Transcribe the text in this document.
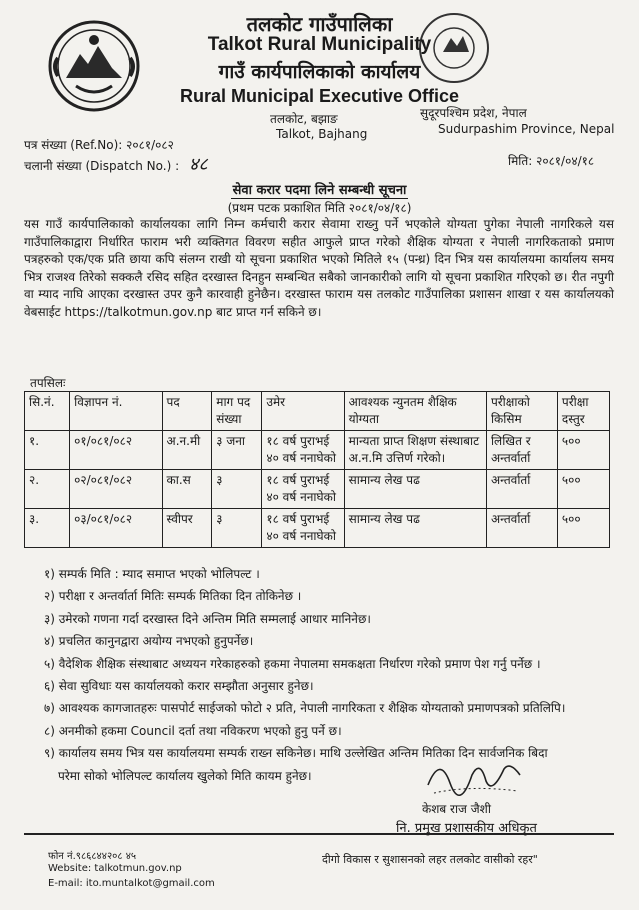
तलकोट गाउँपालिका
Talkot Rural Municipality
गाउँ कार्यपालिकाको कार्यालय
Rural Municipal Executive Office
तलकोट, बझाङ
Talkot, Bajhang
सुदूरपश्चिम प्रदेश, नेपाल
Sudurpashim Province, Nepal
पत्र संख्या (Ref.No): २०८१/०८२
चलानी संख्या (Dispatch No.) : ४८	मिति: २०८१/०४/१८
सेवा करार पदमा लिने सम्बन्धी सूचना
(प्रथम पटक प्रकाशित मिति २०८१/०४/१८)
यस गाउँ कार्यपालिकाको कार्यालयका लागि निम्न कर्मचारी करार सेवामा राख्नु पर्ने भएकोले योग्यता पुगेका नेपाली नागरिकले यस गाउँपालिकाद्वारा निर्धारित फाराम भरी व्यक्तिगत विवरण सहीत आफुले प्राप्त गरेको शैक्षिक योग्यता र नेपाली नागरिकताको प्रमाण पत्रहरुको एक/एक प्रति छाया कपि संलग्न राखी यो सूचना प्रकाशित भएको मितिले १५ (पन्ध्र) दिन भित्र यस कार्यालयमा कार्यालय समय भित्र राजश्व तिरेको सक्कलै रसिद सहित दरखास्त दिनहुन सम्बन्धित सबैको जानकारीको लागि यो सूचना प्रकाशित गरिएको छ। रीत नपुगी वा म्याद नाघि आएका दरखास्त उपर कुनै कारवाही हुनेछैन। दरखास्त फाराम यस तलकोट गाउँपालिका प्रशासन शाखा र यस कार्यालयको वेबसाईट https://talkotmun.gov.np बाट प्राप्त गर्न सकिने छ।
तपसिलः
सि.नं.	विज्ञापन नं.	पद	माग पद संख्या	उमेर	आवश्यक न्युनतम शैक्षिक योग्यता	परीक्षाको किसिम	परीक्षा दस्तुर
१.	०१/०८१/०८२	अ.न.मी	३ जना	१८ वर्ष पुराभई ४० वर्ष ननाघेको	मान्यता प्राप्त शिक्षण संस्थाबाट अ.न.मि उत्तिर्ण गरेको।	लिखित र अन्तर्वार्ता	५००
२.	०२/०८१/०८२	का.स	३	१८ वर्ष पुराभई ४० वर्ष ननाघेको	सामान्य लेख पढ	अन्तर्वार्ता	५००
३.	०३/०८१/०८२	स्वीपर	३	१८ वर्ष पुराभई ४० वर्ष ननाघेको	सामान्य लेख पढ	अन्तर्वार्ता	५००
१) सम्पर्क मिति : म्याद समाप्त भएको भोलिपल्ट ।
२) परीक्षा र अन्तर्वार्ता मितिः सम्पर्क मितिका दिन तोकिनेछ ।
३) उमेरको गणना गर्दा दरखास्त दिने अन्तिम मिति सम्मलाई आधार मानिनेछ।
४) प्रचलित कानुनद्वारा अयोग्य नभएको हुनुपर्नेछ।
५) वैदेशिक शैक्षिक संस्थाबाट अध्ययन गरेकाहरुको हकमा नेपालमा समकक्षता निर्धारण गरेको प्रमाण पेश गर्नु पर्नेछ ।
६) सेवा सुविधाः यस कार्यालयको करार सम्झौता अनुसार हुनेछ।
७) आवश्यक कागजातहरुः पासपोर्ट साईजको फोटो २ प्रति, नेपाली नागरिकता र शैक्षिक योग्यताको प्रमाणपत्रको प्रतिलिपि।
८) अनमीको हकमा Council दर्ता तथा नविकरण भएको हुनु पर्ने छ।
९) कार्यालय समय भित्र यस कार्यालयमा सम्पर्क राख्न सकिनेछ। माथि उल्लेखित अन्तिम मितिका दिन सार्वजनिक बिदा
परेमा सोको भोलिपल्ट कार्यालय खुलेको मिति कायम हुनेछ।
केशब राज जैशी
नि. प्रमुख प्रशासकीय अधिकृत
फोन नं.९८६८४४२०८ ४५
Website: talkotmun.gov.np
E-mail: ito.muntalkot@gmail.com
दीगो विकास र सुशासनको लहर तलकोट वासीको रहर"
